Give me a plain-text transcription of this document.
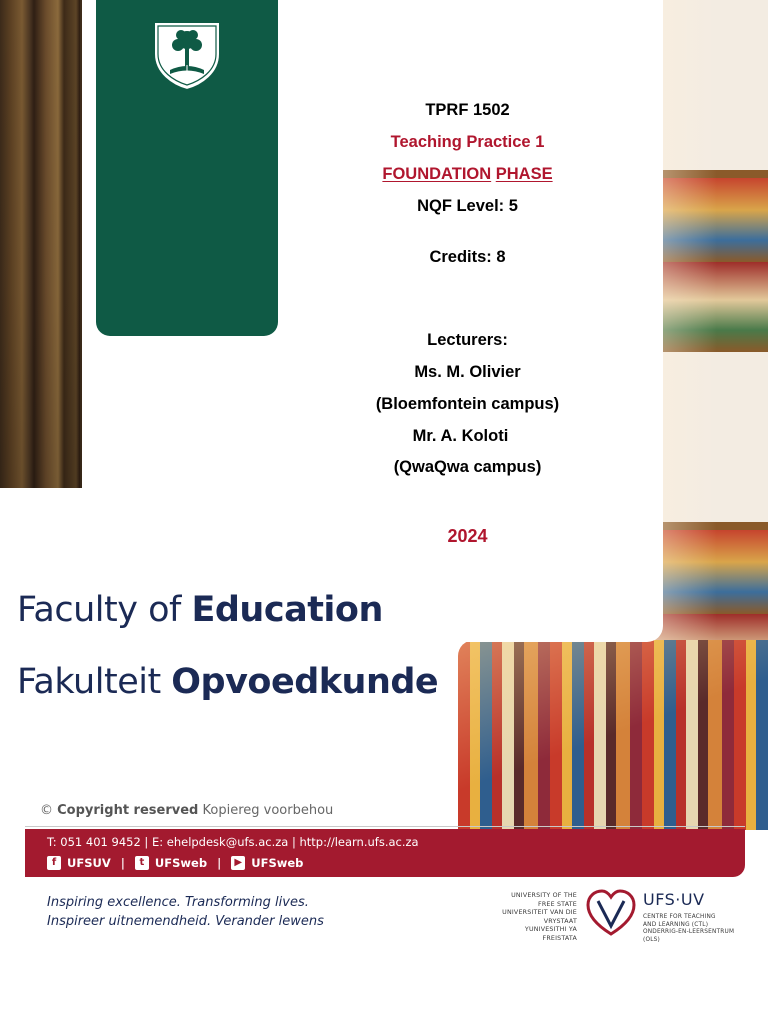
TPRF 1502
Teaching Practice 1
FOUNDATION PHASE
NQF Level: 5
Credits: 8
Lecturers:
Ms. M. Olivier
(Bloemfontein campus)
Mr. A. Koloti
(QwaQwa campus)
2024
Faculty of Education
Fakulteit Opvoedkunde
© Copyright reserved Kopiereg voorbehou
T: 051 401 9452 | E: ehelpdesk@ufs.ac.za | http://learn.ufs.ac.za
f UFSUV |	t UFSweb |	▶ UFSweb
Inspiring excellence. Transforming lives.
Inspireer uitnemendheid. Verander lewens
UNIVERSITY OF THE
FREE STATE
UNIVERSITEIT VAN DIE
VRYSTAAT
YUNIVESITHI YA
FREISTATA
UFS·UV
CENTRE FOR TEACHING
AND LEARNING (CTL)
ONDERRIG-EN-LEERSENTRUM
(OLS)
